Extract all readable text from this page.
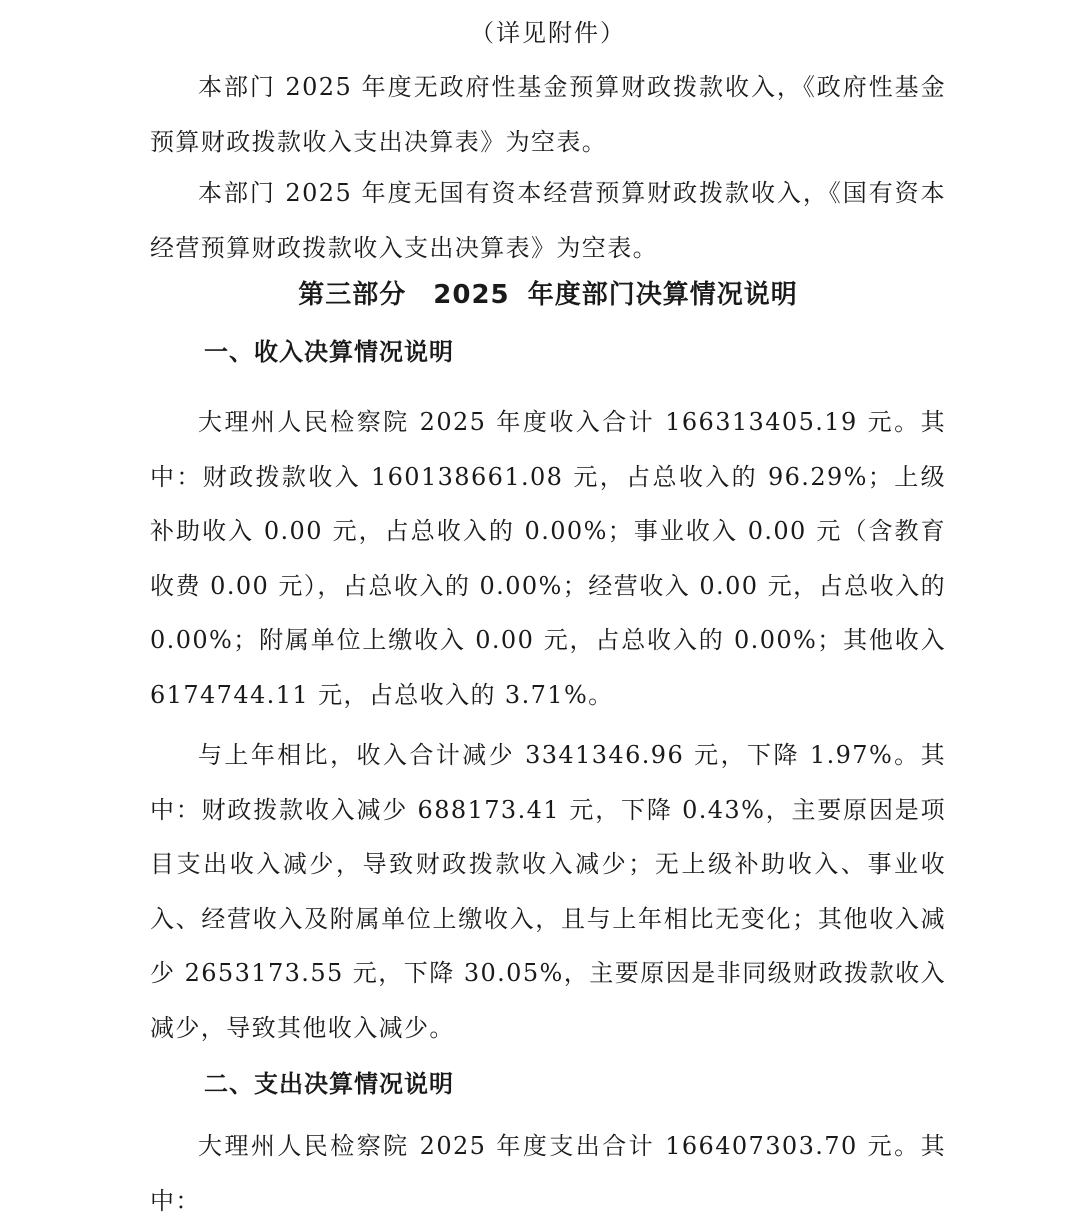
（详见附件）

本部门 2025 年度无政府性基金预算财政拨款收入，《政府性基金预算财政拨款收入支出决算表》为空表。

本部门 2025 年度无国有资本经营预算财政拨款收入，《国有资本经营预算财政拨款收入支出决算表》为空表。

第三部分　2025 年度部门决算情况说明
一、收入决算情况说明

大理州人民检察院 2025 年度收入合计 166313405.19 元。其中：财政拨款收入 160138661.08 元，占总收入的 96.29%；上级补助收入 0.00 元，占总收入的 0.00%；事业收入 0.00 元（含教育收费 0.00 元），占总收入的 0.00%；经营收入 0.00 元，占总收入的 0.00%；附属单位上缴收入 0.00 元，占总收入的 0.00%；其他收入 6174744.11 元，占总收入的 3.71%。

与上年相比，收入合计减少 3341346.96 元，下降 1.97%。其中：财政拨款收入减少 688173.41 元，下降 0.43%，主要原因是项目支出收入减少，导致财政拨款收入减少；无上级补助收入、事业收入、经营收入及附属单位上缴收入，且与上年相比无变化；其他收入减少 2653173.55 元，下降 30.05%，主要原因是非同级财政拨款收入减少，导致其他收入减少。

二、支出决算情况说明

大理州人民检察院 2025 年度支出合计 166407303.70 元。其中：
